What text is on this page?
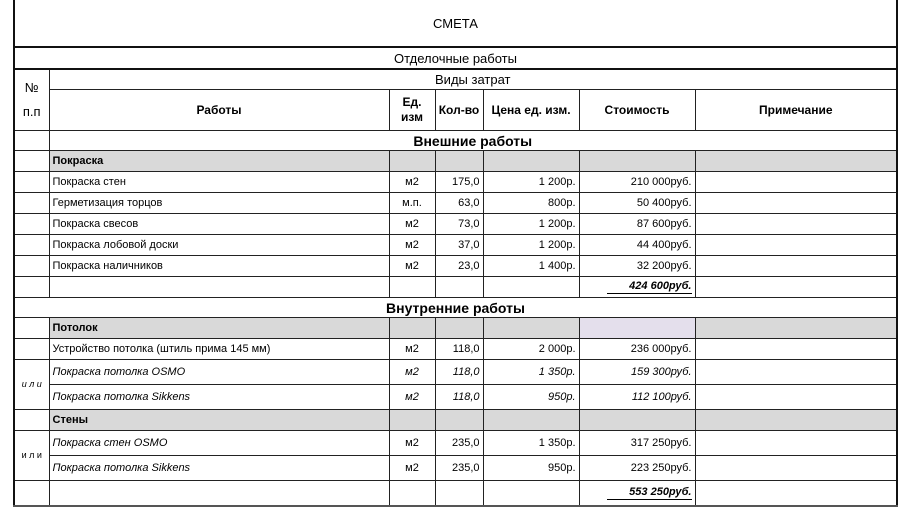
СМЕТА						
Отделочные работы						
№ п.п	Виды затрат					
	Работы	Ед. изм	Кол-во	Цена ед. изм.	Стоимость	Примечание
	Внешние работы					
	Покраска					
	Покраска стен	м2	175,0	1 200р.	210 000руб.	
	Герметизация торцов	м.п.	63,0	800р.	50 400руб.	
	Покраска свесов	м2	73,0	1 200р.	87 600руб.	
	Покраска лобовой доски	м2	37,0	1 200р.	44 400руб.	
	Покраска наличников	м2	23,0	1 400р.	32 200руб.	
					424 600руб.	
Внутренние работы						
	Потолок					
	Устройство потолка (штиль прима 145 мм)	м2	118,0	2 000р.	236 000руб.	
и л и	Покраска потолка OSMO	м2	118,0	1 350р.	159 300руб.	
	Покраска потолка Sikkens	м2	118,0	950р.	112 100руб.	
	Стены					
и л и	Покраска стен OSMO	м2	235,0	1 350р.	317 250руб.	
	Покраска потолка Sikkens	м2	235,0	950р.	223 250руб.	
					553 250руб.	
